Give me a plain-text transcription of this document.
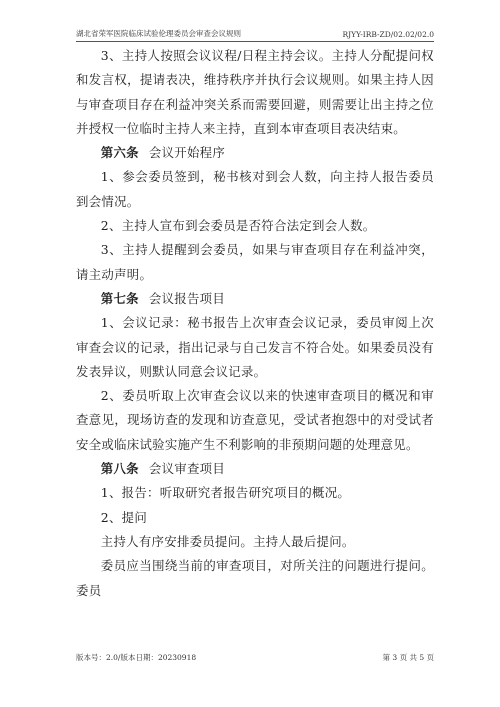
湖北省荣军医院临床试验伦理委员会审查会议规则	RJYY-IRB-ZD/02.02/02.0

3、主持人按照会议议程/日程主持会议。主持人分配提问权和发言权，提请表决，维持秩序并执行会议规则。如果主持人因与审查项目存在利益冲突关系而需要回避，则需要让出主持之位并授权一位临时主持人来主持，直到本审查项目表决结束。

第六条 会议开始程序

1、参会委员签到，秘书核对到会人数，向主持人报告委员到会情况。

2、主持人宣布到会委员是否符合法定到会人数。

3、主持人提醒到会委员，如果与审查项目存在利益冲突，请主动声明。

第七条 会议报告项目

1、会议记录：秘书报告上次审查会议记录，委员审阅上次审查会议的记录，指出记录与自己发言不符合处。如果委员没有发表异议，则默认同意会议记录。

2、委员听取上次审查会议以来的快速审查项目的概况和审查意见，现场访查的发现和访查意见，受试者抱怨中的对受试者安全或临床试验实施产生不利影响的非预期问题的处理意见。

第八条 会议审查项目

1、报告：听取研究者报告研究项目的概况。

2、提问

主持人有序安排委员提问。主持人最后提问。

委员应当围绕当前的审查项目，对所关注的问题进行提问。委员

版本号：2.0/版本日期：20230918	第 3 页 共 5 页
